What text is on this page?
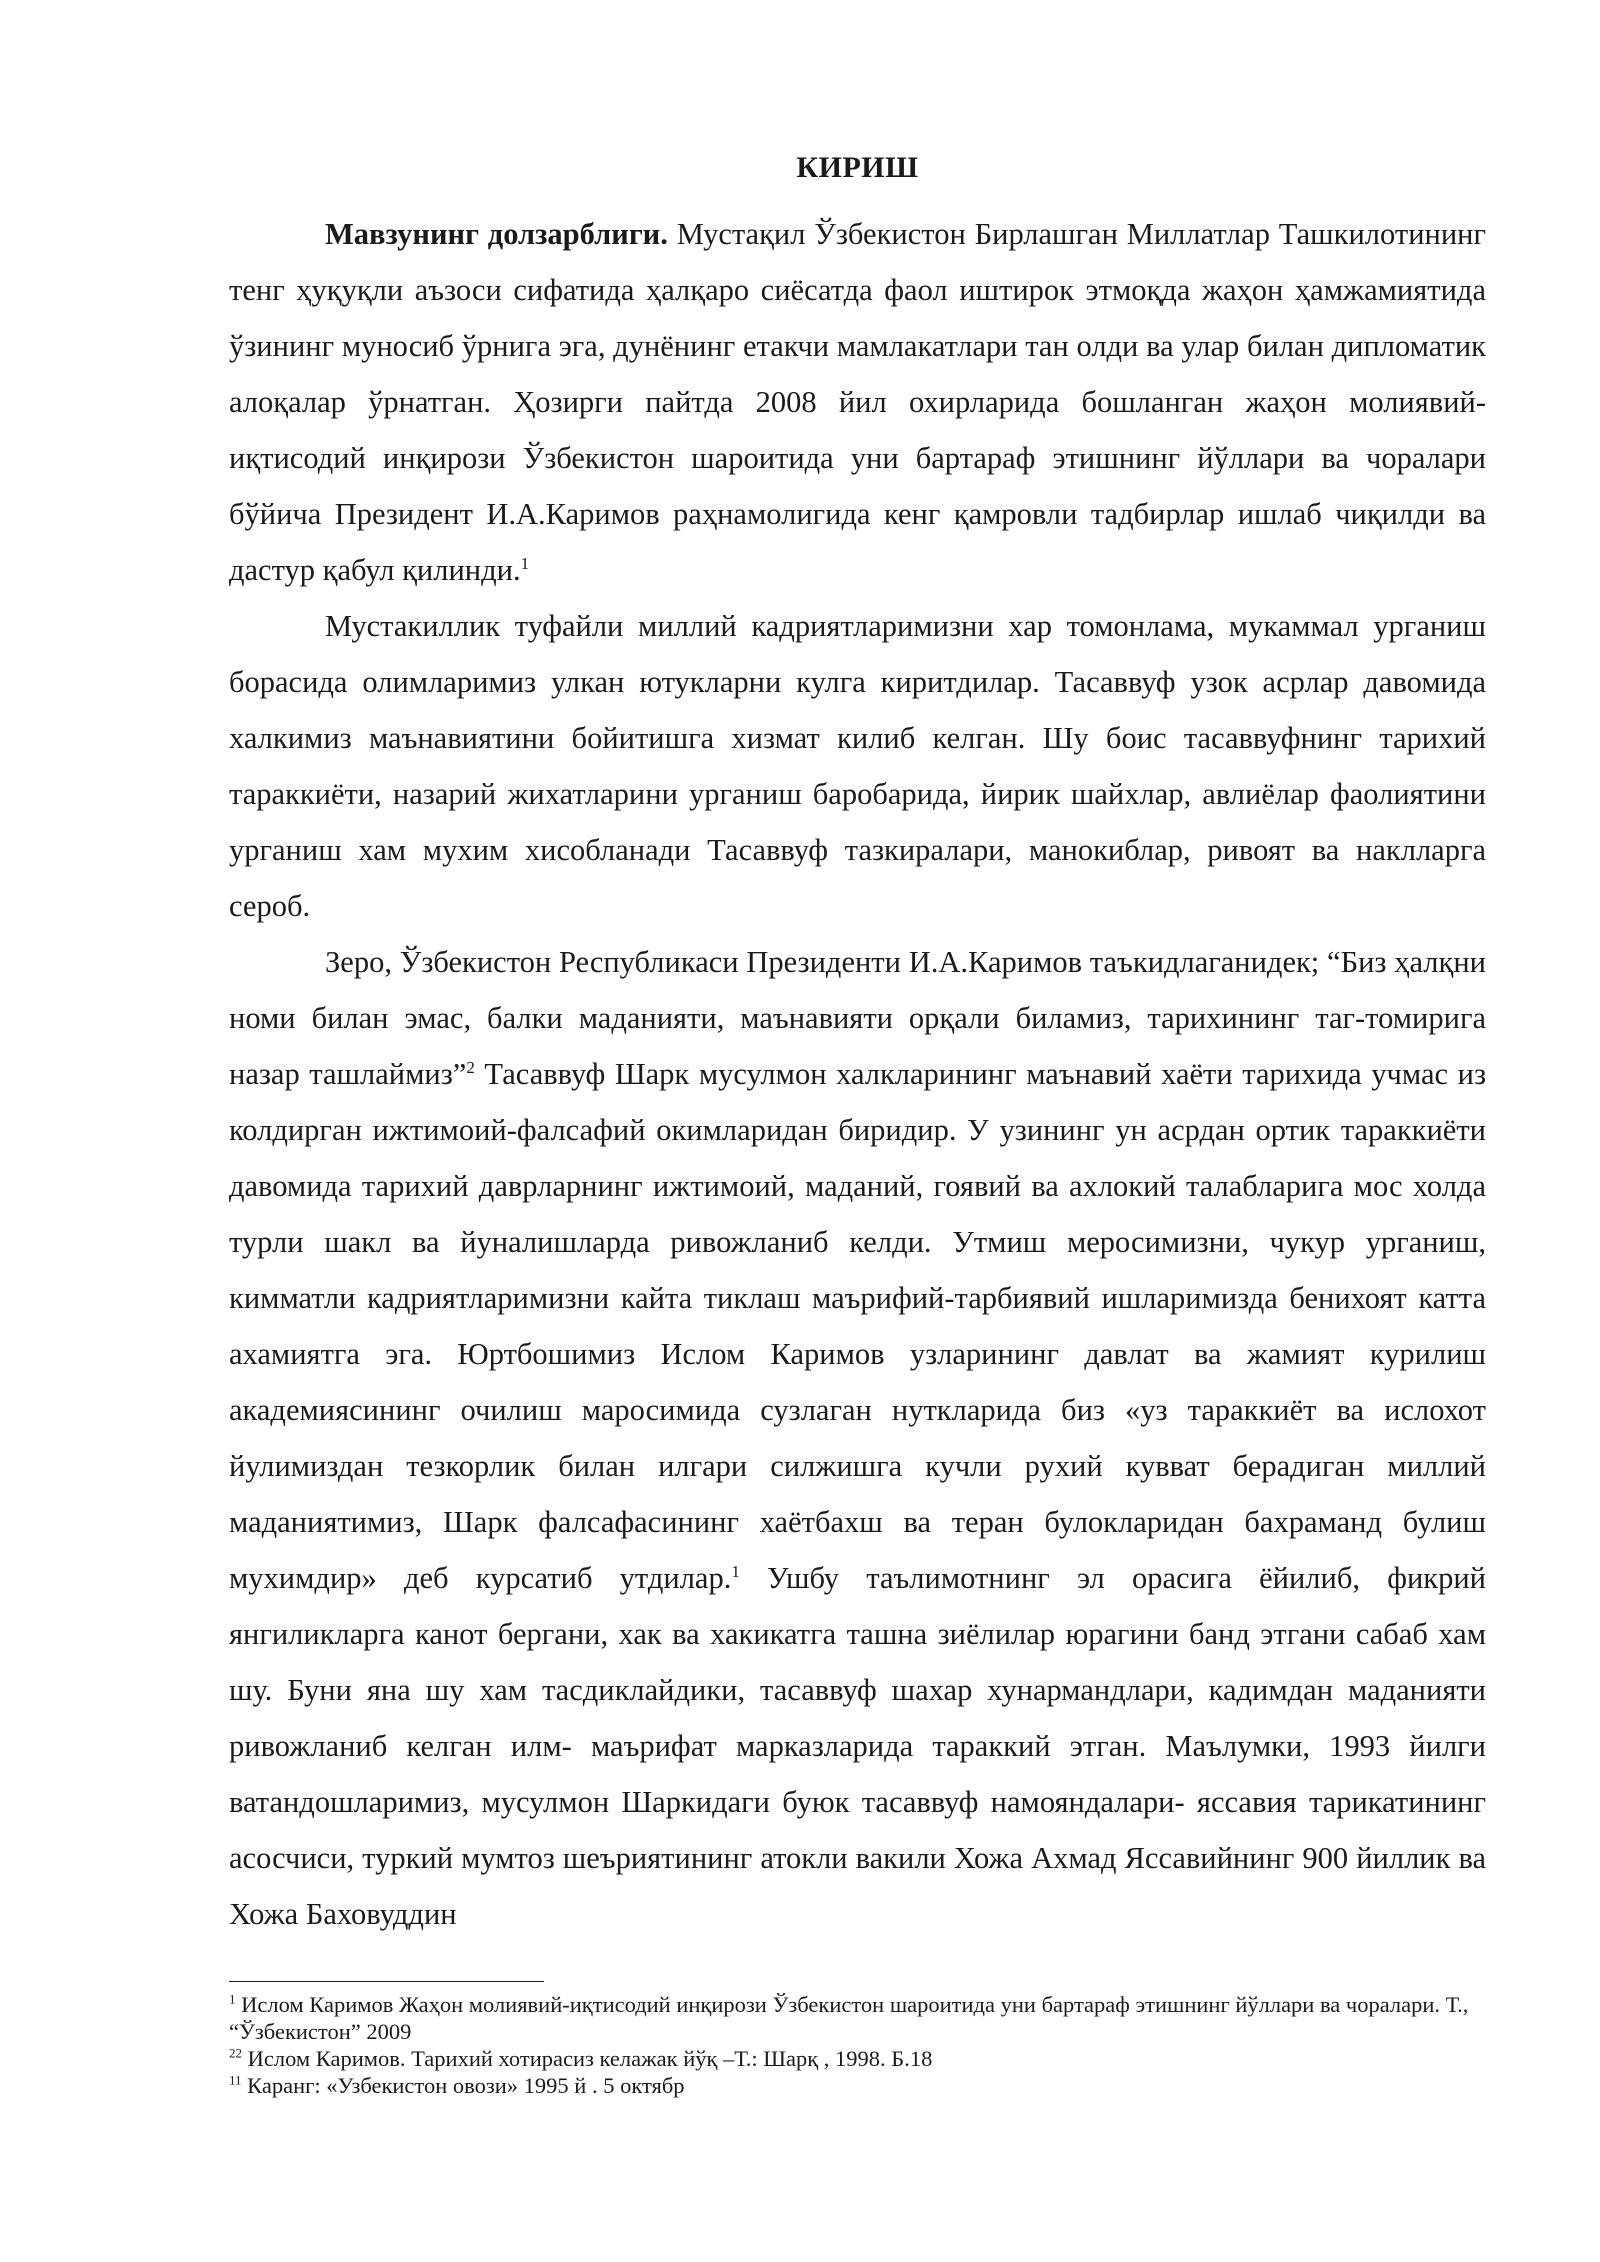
КИРИШ

Мавзунинг долзарблиги. Мустақил Ўзбекистон Бирлашган Миллатлар Ташкилотининг тенг ҳуқуқли аъзоси сифатида ҳалқаро сиёсатда фаол иштирок этмоқда жаҳон ҳамжамиятида ўзининг муносиб ўрнига эга, дунёнинг етакчи мамлакатлари тан олди ва улар билан дипломатик алоқалар ўрнатган. Ҳозирги пайтда 2008 йил охирларида бошланган жаҳон молиявий-иқтисодий инқирози Ўзбекистон шароитида уни бартараф этишнинг йўллари ва чоралари бўйича Президент И.А.Каримов раҳнамолигида кенг қамровли тадбирлар ишлаб чиқилди ва дастур қабул қилинди.$^1$

Мустакиллик туфайли миллий кадриятларимизни хар томонлама, мукаммал урганиш борасида олимларимиз улкан ютукларни кулга киритдилар. Тасаввуф узок асрлар давомида халкимиз маънавиятини бойитишга хизмат килиб келган. Шу боис тасаввуфнинг тарихий тараккиёти, назарий жихатларини урганиш баробарида, йирик шайхлар, авлиёлар фаолиятини урганиш хам мухим хисобланади Тасаввуф тазкиралари, манокиблар, ривоят ва наклларга сероб.

Зеро, Ўзбекистон Республикаси Президенти И.А.Каримов таъкидлаганидек; “Биз ҳалқни номи билан эмас, балки маданияти, маънавияти орқали биламиз, тарихининг таг-томирига назар ташлаймиз”$^2$ Тасаввуф Шарк мусулмон халкларининг маънавий хаёти тарихида учмас из колдирган ижтимоий-фалсафий окимларидан биридир. У узининг ун асрдан ортик тараккиёти давомида тарихий даврларнинг ижтимоий, маданий, гоявий ва ахлокий талабларига мос холда турли шакл ва йуналишларда ривожланиб келди. Утмиш меросимизни, чукур урганиш, кимматли кадриятларимизни кайта тиклаш маърифий-тарбиявий ишларимизда бенихоят катта ахамиятга эга. Юртбошимиз Ислом Каримов узларининг давлат ва жамият курилиш академиясининг очилиш маросимида сузлаган нуткларида биз «уз тараккиёт ва ислохот йулимиздан тезкорлик билан илгари силжишга кучли рухий кувват берадиган миллий маданиятимиз, Шарк фалсафасининг хаётбахш ва теран булокларидан бахраманд булиш мухимдир» деб курсатиб утдилар.$^1$ Ушбу таълимотнинг эл орасига ёйилиб, фикрий янгиликларга канот бергани, хак ва хакикатга ташна зиёлилар юрагини банд этгани сабаб хам шу. Буни яна шу хам тасдиклайдики, тасаввуф шахар хунармандлари, кадимдан маданияти ривожланиб келган илм- маърифат марказларида тараккий этган. Маълумки, 1993 йилги ватандошларимиз, мусулмон Шаркидаги буюк тасаввуф намояндалари- яссавия тарикатининг асосчиси, туркий мумтоз шеъриятининг атокли вакили Хожа Ахмад Яссавийнинг 900 йиллик ва Хожа Баховуддин

$^1$ Ислом Каримов Жаҳон молиявий-иқтисодий инқирози Ўзбекистон шароитида уни бартараф этишнинг йўллари ва чоралари. Т., “Ўзбекистон” 2009

$^{22}$ Ислом Каримов. Тарихий хотирасиз келажак йўқ –Т.: Шарқ , 1998. Б.18

$^{11}$ Каранг: «Узбекистон овози» 1995 й . 5 октябр
